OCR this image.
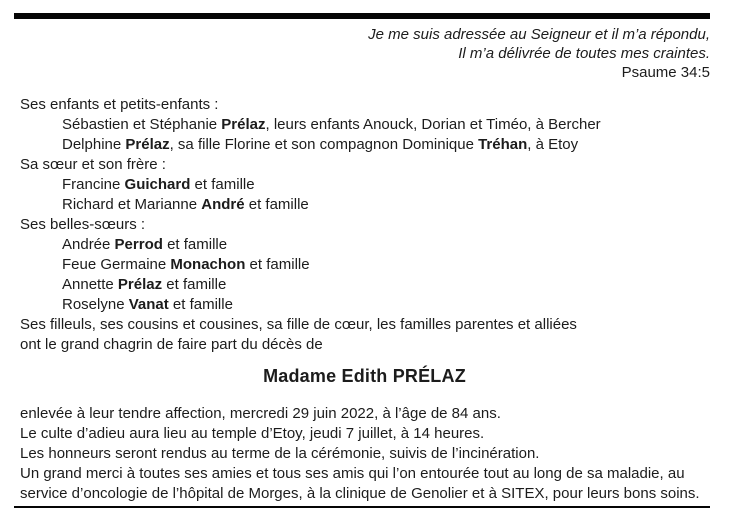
Je me suis adressée au Seigneur et il m’a répondu,
Il m’a délivrée de toutes mes craintes.
Psaume 34:5
Ses enfants et petits-enfants :
Sébastien et Stéphanie Prélaz, leurs enfants Anouck, Dorian et Timéo, à Bercher
Delphine Prélaz, sa fille Florine et son compagnon Dominique Tréhan, à Etoy
Sa sœur et son frère :
Francine Guichard et famille
Richard et Marianne André et famille
Ses belles-sœurs :
Andrée Perrod et famille
Feue Germaine Monachon et famille
Annette Prélaz et famille
Roselyne Vanat et famille
Ses filleuls, ses cousins et cousines, sa fille de cœur, les familles parentes et alliées
ont le grand chagrin de faire part du décès de
Madame Edith PRÉLAZ
enlevée à leur tendre affection, mercredi 29 juin 2022, à l’âge de 84 ans.
Le culte d’adieu aura lieu au temple d’Etoy, jeudi 7 juillet, à 14 heures.
Les honneurs seront rendus au terme de la cérémonie, suivis de l’incinération.
Un grand merci à toutes ses amies et tous ses amis qui l’on entourée tout au long de sa maladie, au
service d’oncologie de l’hôpital de Morges, à la clinique de Genolier et à SITEX, pour leurs bons soins.
